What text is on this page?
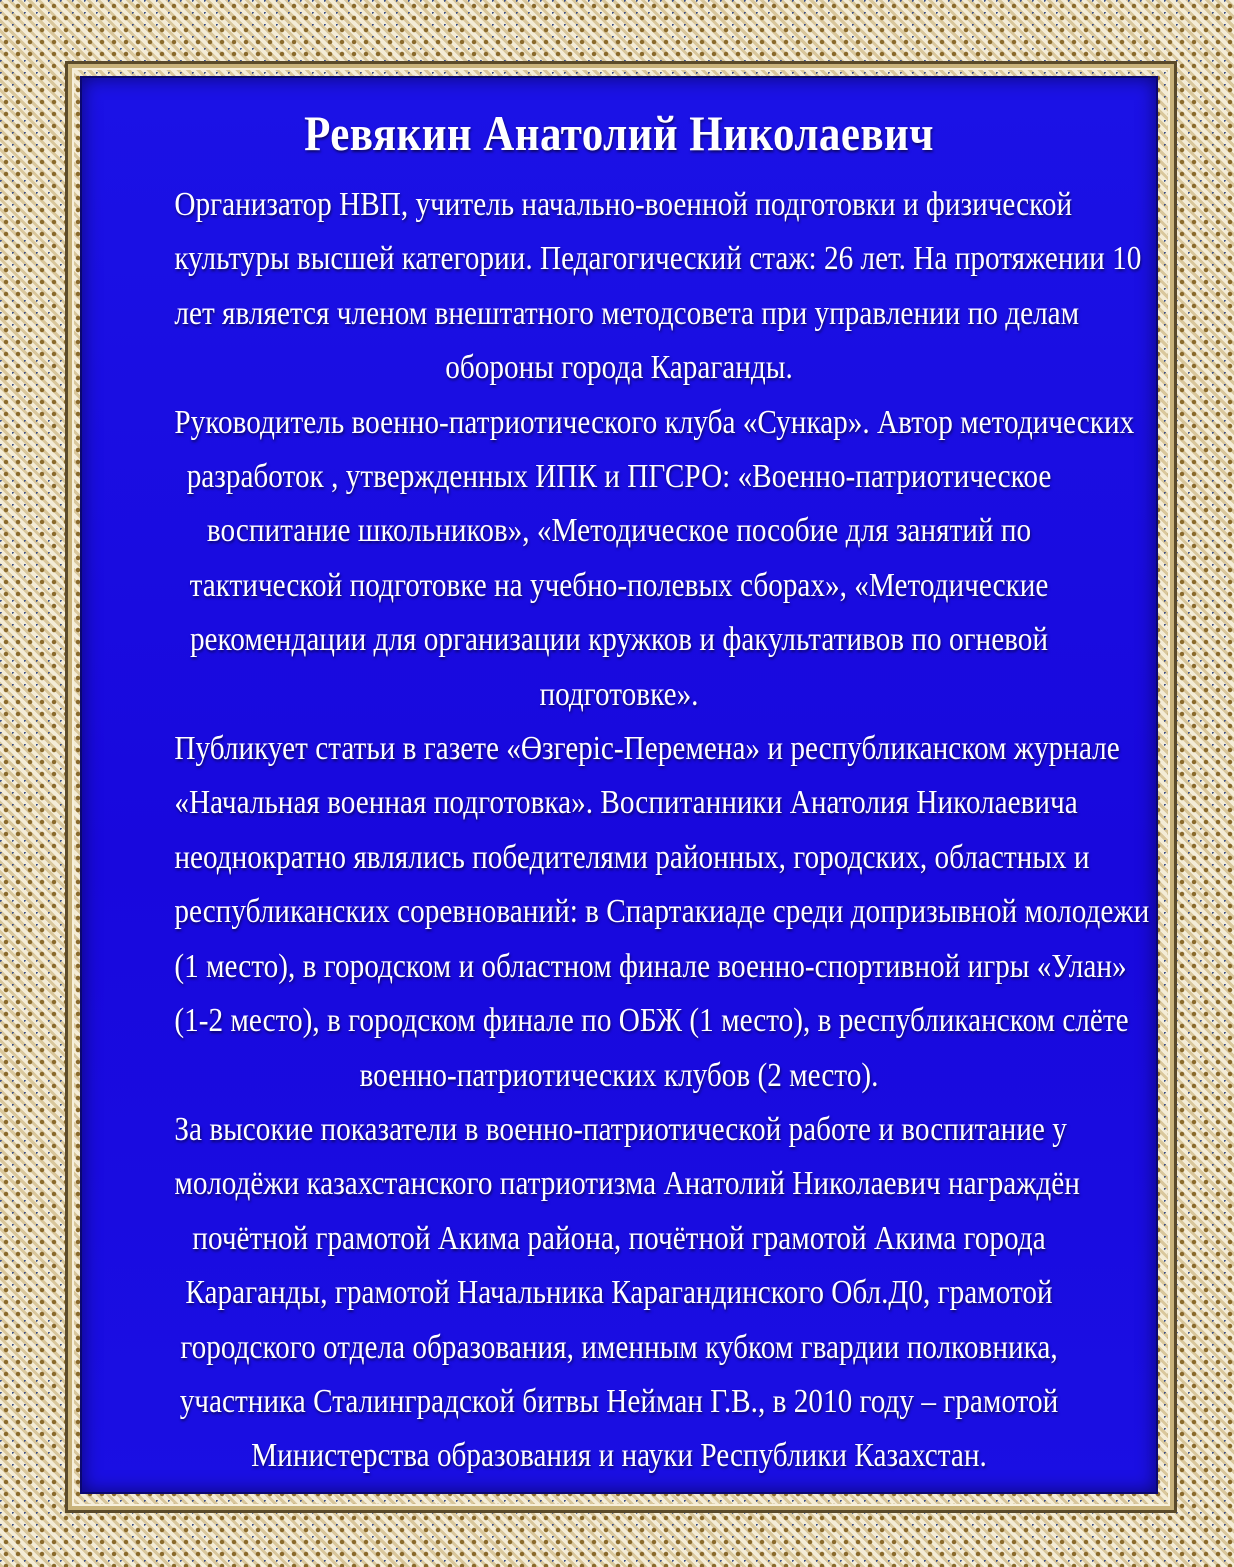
Ревякин Анатолий Николаевич
Организатор НВП, учитель начально-военной подготовки и физической
культуры высшей категории. Педагогический стаж: 26 лет. На протяжении 10
лет является членом внештатного методсовета при управлении по делам
обороны города Караганды.
Руководитель военно-патриотического клуба «Сункар». Автор методических
разработок , утвержденных ИПК и ПГСРО: «Военно-патриотическое
воспитание школьников», «Методическое пособие для занятий по
тактической подготовке на учебно-полевых сборах», «Методические
рекомендации для организации кружков и факультативов по огневой
подготовке».
Публикует статьи в газете «Өзгеріс-Перемена» и республиканском журнале
«Начальная военная подготовка». Воспитанники Анатолия Николаевича
неоднократно являлись победителями районных, городских, областных и
республиканских соревнований: в Спартакиаде среди допризывной молодежи
(1 место), в городском и областном финале военно-спортивной игры «Улан»
(1-2 место), в городском финале по ОБЖ (1 место), в республиканском слёте
военно-патриотических клубов (2 место).
За высокие показатели в военно-патриотической работе и воспитание у
молодёжи казахстанского патриотизма Анатолий Николаевич награждён
почётной грамотой Акима района, почётной грамотой Акима города
Караганды, грамотой Начальника Карагандинского Обл.Д0, грамотой
городского отдела образования, именным кубком гвардии полковника,
участника Сталинградской битвы Нейман Г.В., в 2010 году – грамотой
Министерства образования и науки Республики Казахстан.
